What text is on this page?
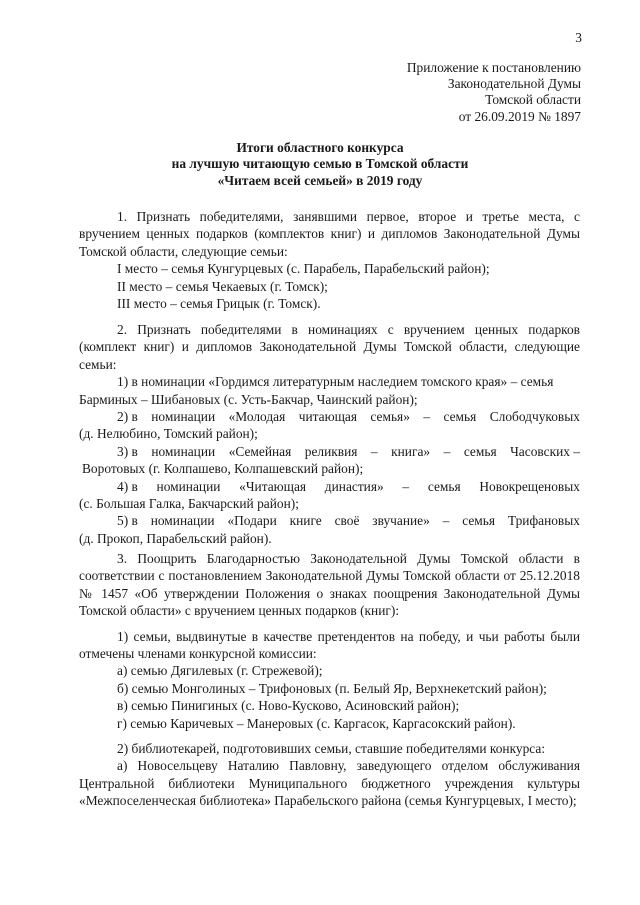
3
Приложение к постановлению
Законодательной Думы
Томской области
от 26.09.2019 № 1897
Итоги областного конкурса
на лучшую читающую семью в Томской области
«Читаем всей семьей» в 2019 году

1. Признать победителями, занявшими первое, второе и третье места, с вручением ценных подарков (комплектов книг) и дипломов Законодательной Думы Томской области, следующие семьи:

I место – семья Кунгурцевых (с. Парабель, Парабельский район);
II место – семья Чекаевых (г. Томск);
III место – семья Грицык (г. Томск).

2. Признать победителями в номинациях с вручением ценных подарков (комплект книг) и дипломов Законодательной Думы Томской области, следующие семьи:

1) в номинации «Гордимся литературным наследием томского края» – семья
Барминых – Шибановых (с. Усть-Бакчар, Чаинский район);
2) в номинации «Молодая читающая семья» – семья Слободчуковых
(д. Нелюбино, Томский район);
3) в номинации «Семейная реликвия – книга» – семья Часовских –
Воротовых (г. Колпашево, Колпашевский район);
4) в номинации «Читающая династия» – семья Новокрещеновых
(с. Большая Галка, Бакчарский район);
5) в номинации «Подари книге своё звучание» – семья Трифановых
(д. Прокоп, Парабельский район).

3. Поощрить Благодарностью Законодательной Думы Томской области в соответствии с постановлением Законодательной Думы Томской области от 25.12.2018 № 1457 «Об утверждении Положения о знаках поощрения Законодательной Думы Томской области» с вручением ценных подарков (книг):

1) семьи, выдвинутые в качестве претендентов на победу, и чьи работы были отмечены членами конкурсной комиссии:

а) семью Дягилевых (г. Стрежевой);
б) семью Монголиных – Трифоновых (п. Белый Яр, Верхнекетский район);
в) семью Пинигиных (с. Ново-Кусково, Асиновский район);
г) семью Каричевых – Манеровых (с. Каргасок, Каргасокский район).

2) библиотекарей, подготовивших семьи, ставшие победителями конкурса:

а) Новосельцеву Наталию Павловну, заведующего отделом обслуживания Центральной библиотеки Муниципального бюджетного учреждения культуры «Межпоселенческая библиотека» Парабельского района (семья Кунгурцевых, I место);
